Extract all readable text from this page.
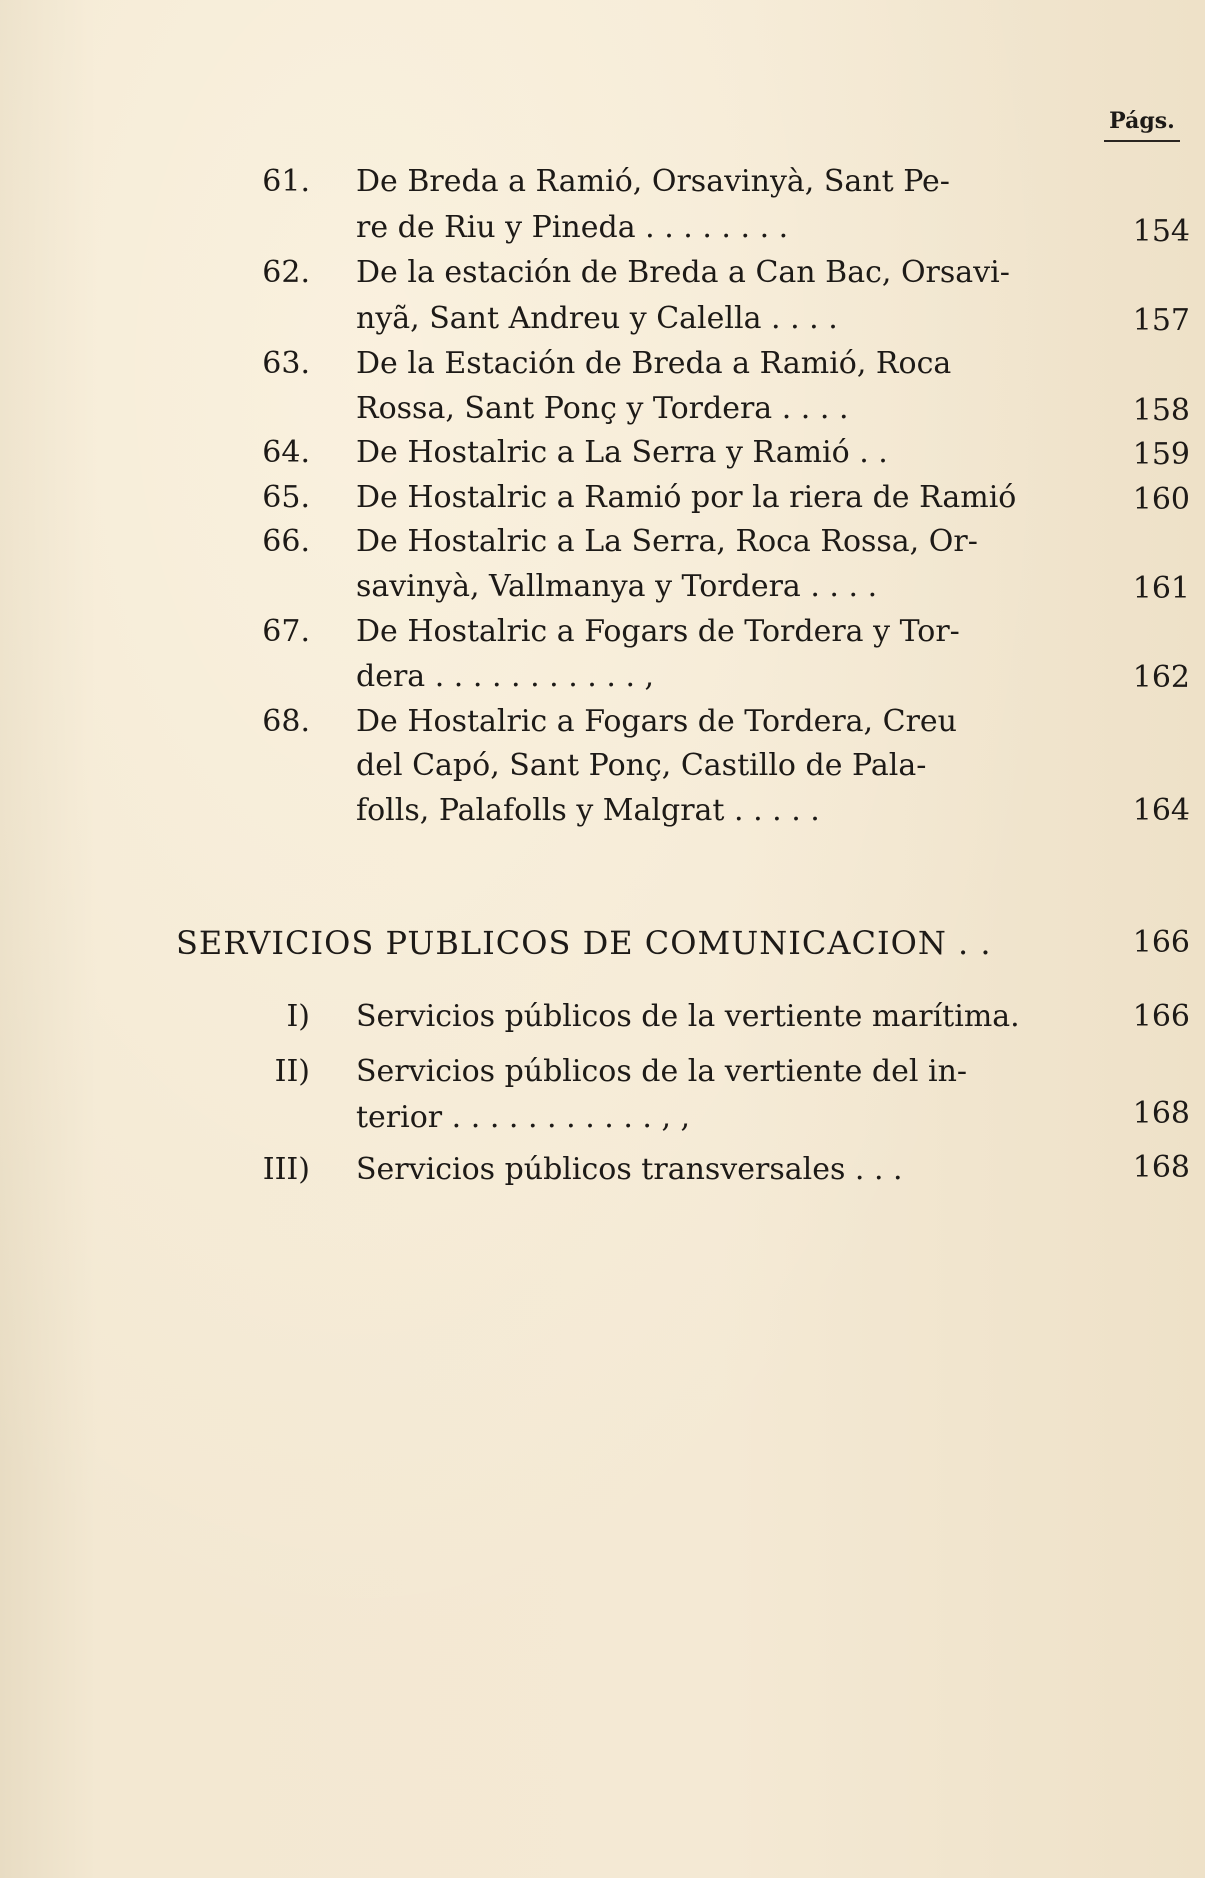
Págs.
61. De Breda a Ramió, Orsavinyà, Sant Pe-
re de Riu y Pineda . . . . . . . .	154
62. De la estación de Breda a Can Bac, Orsavi-
nyã, Sant Andreu y Calella . . . .	157
63. De la Estación de Breda a Ramió, Roca
Rossa, Sant Ponç y Tordera . . . .	158
64. De Hostalric a La Serra y Ramió . .	159
65. De Hostalric a Ramió por la riera de Ramió	160
66. De Hostalric a La Serra, Roca Rossa, Or-
savinyà, Vallmanya y Tordera . . . .	161
67. De Hostalric a Fogars de Tordera y Tor-
dera . . . . . . . . . . . ,	162
68. De Hostalric a Fogars de Tordera, Creu
del Capó, Sant Ponç, Castillo de Pala-
folls, Palafolls y Malgrat . . . . .	164
SERVICIOS PUBLICOS DE COMUNICACION . .	166
I) Servicios públicos de la vertiente marítima.	166
II) Servicios públicos de la vertiente del in-
terior . . . . . . . . . . . , ,	168
III) Servicios públicos transversales . . .	168
